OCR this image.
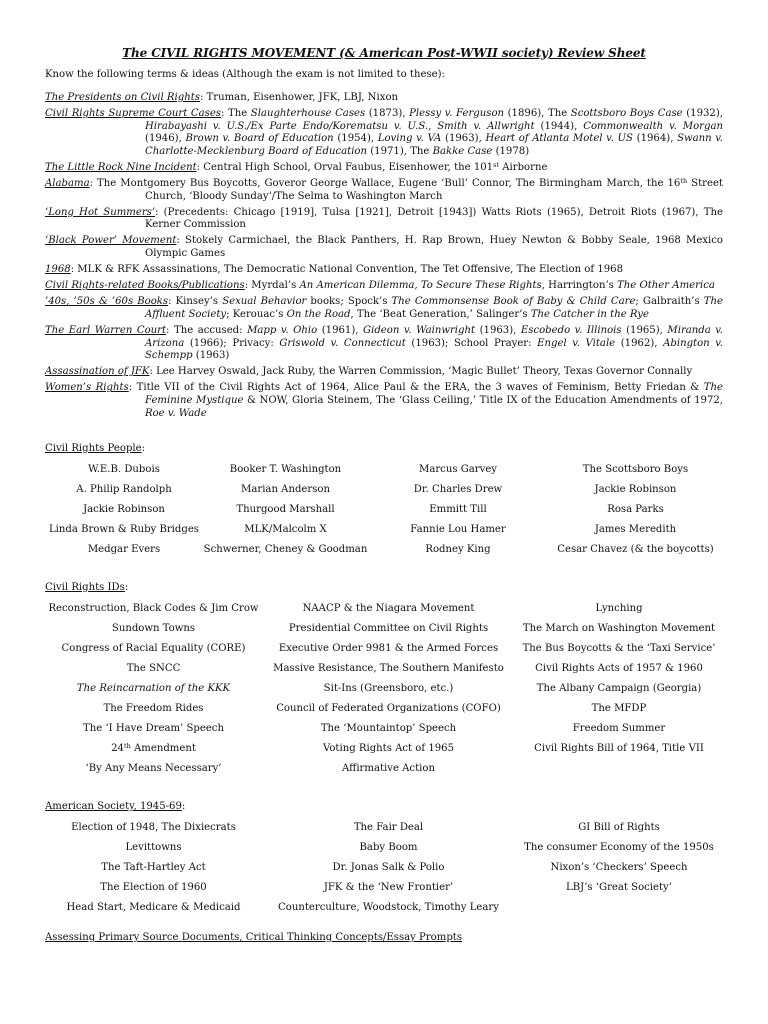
The CIVIL RIGHTS MOVEMENT (& American Post-WWII society) Review Sheet
Know the following terms & ideas (Although the exam is not limited to these):
The Presidents on Civil Rights: Truman, Eisenhower, JFK, LBJ, Nixon
Civil Rights Supreme Court Cases: The Slaughterhouse Cases (1873), Plessy v. Ferguson (1896), The Scottsboro Boys Case (1932), Hirabayashi v. U.S./Ex Parte Endo/Korematsu v. U.S., Smith v. Allwright (1944), Commonwealth v. Morgan (1946), Brown v. Board of Education (1954), Loving v. VA (1963), Heart of Atlanta Motel v. US (1964), Swann v. Charlotte-Mecklenburg Board of Education (1971), The Bakke Case (1978)
The Little Rock Nine Incident: Central High School, Orval Faubus, Eisenhower, the 101st Airborne
Alabama: The Montgomery Bus Boycotts, Goveror George Wallace, Eugene ‘Bull’ Connor, The Birmingham March, the 16th Street Church, ‘Bloody Sunday’/The Selma to Washington March
‘Long Hot Summers’: (Precedents: Chicago [1919], Tulsa [1921], Detroit [1943]) Watts Riots (1965), Detroit Riots (1967), The Kerner Commission
‘Black Power’ Movement: Stokely Carmichael, the Black Panthers, H. Rap Brown, Huey Newton & Bobby Seale, 1968 Mexico Olympic Games
1968: MLK & RFK Assassinations, The Democratic National Convention, The Tet Offensive, The Election of 1968
Civil Rights-related Books/Publications: Myrdal’s An American Dilemma, To Secure These Rights, Harrington’s The Other America
’40s, ’50s & ’60s Books: Kinsey’s Sexual Behavior books; Spock’s The Commonsense Book of Baby & Child Care; Galbraith’s The Affluent Society; Kerouac’s On the Road, The ‘Beat Generation,’ Salinger’s The Catcher in the Rye
The Earl Warren Court: The accused: Mapp v. Ohio (1961), Gideon v. Wainwright (1963), Escobedo v. Illinois (1965), Miranda v. Arizona (1966); Privacy: Griswold v. Connecticut (1963); School Prayer: Engel v. Vitale (1962), Abington v. Schempp (1963)
Assassination of JFK: Lee Harvey Oswald, Jack Ruby, the Warren Commission, ‘Magic Bullet’ Theory, Texas Governor Connally
Women’s Rights: Title VII of the Civil Rights Act of 1964, Alice Paul & the ERA, the 3 waves of Feminism, Betty Friedan & The Feminine Mystique & NOW, Gloria Steinem, The ‘Glass Ceiling,’ Title IX of the Education Amendments of 1972, Roe v. Wade
Civil Rights People:
W.E.B. Dubois	Booker T. Washington	Marcus Garvey	The Scottsboro Boys
A. Philip Randolph	Marian Anderson	Dr. Charles Drew	Jackie Robinson
Jackie Robinson	Thurgood Marshall	Emmitt Till	Rosa Parks
Linda Brown & Ruby Bridges	MLK/Malcolm X	Fannie Lou Hamer	James Meredith
Medgar Evers	Schwerner, Cheney & Goodman	Rodney King	Cesar Chavez (& the boycotts)
Civil Rights IDs:
Reconstruction, Black Codes & Jim Crow	NAACP & the Niagara Movement	Lynching
Sundown Towns	Presidential Committee on Civil Rights	The March on Washington Movement
Congress of Racial Equality (CORE)	Executive Order 9981 & the Armed Forces	The Bus Boycotts & the ‘Taxi Service’
The SNCC	Massive Resistance, The Southern Manifesto	Civil Rights Acts of 1957 & 1960
The Reincarnation of the KKK	Sit-Ins (Greensboro, etc.)	The Albany Campaign (Georgia)
The Freedom Rides	Council of Federated Organizations (COFO)	The MFDP
The ‘I Have Dream’ Speech	The ‘Mountaintop’ Speech	Freedom Summer
24th Amendment	Voting Rights Act of 1965	Civil Rights Bill of 1964, Title VII
‘By Any Means Necessary’	Affirmative Action
American Society, 1945-69:
Election of 1948, The Dixiecrats	The Fair Deal	GI Bill of Rights
Levittowns	Baby Boom	The consumer Economy of the 1950s
The Taft-Hartley Act	Dr. Jonas Salk & Polio	Nixon’s ‘Checkers’ Speech
The Election of 1960	JFK & the ‘New Frontier’	LBJ’s ‘Great Society’
Head Start, Medicare & Medicaid	Counterculture, Woodstock, Timothy Leary
Assessing Primary Source Documents, Critical Thinking Concepts/Essay Prompts
